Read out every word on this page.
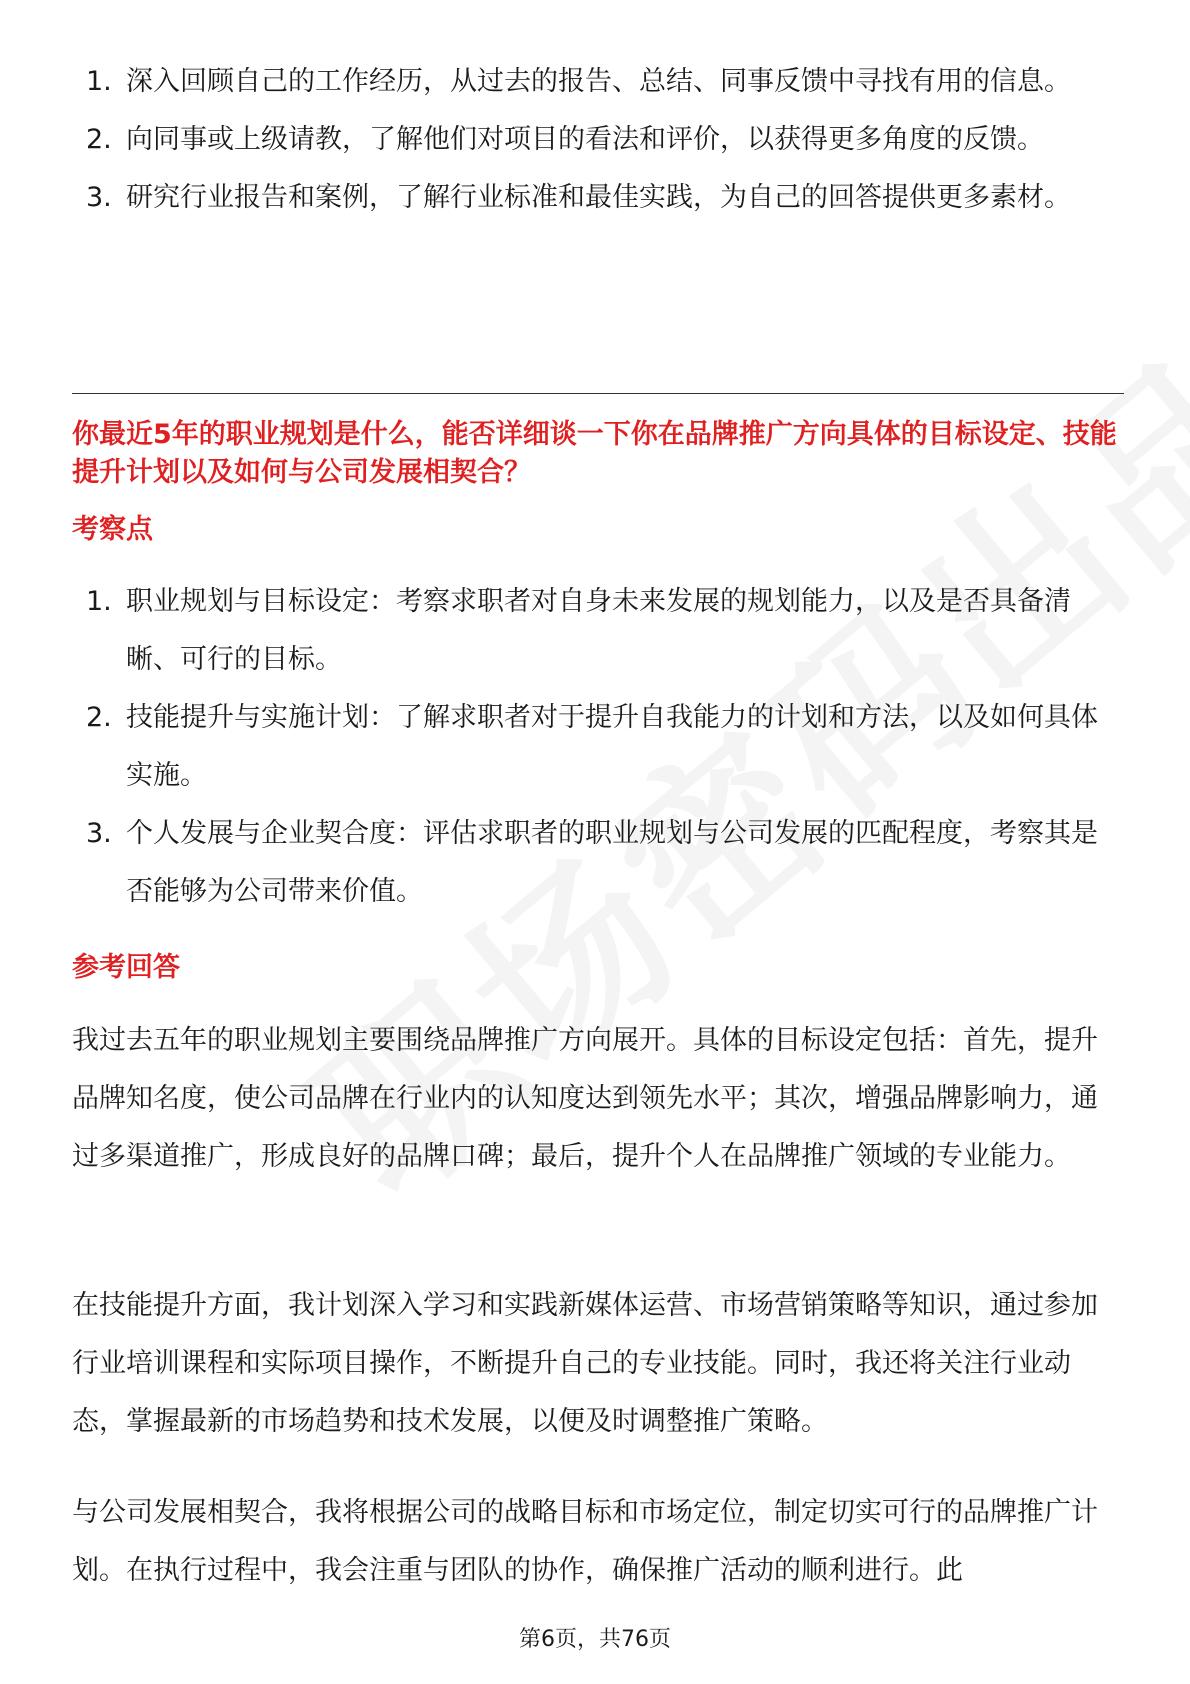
1. 深入回顾自己的工作经历，从过去的报告、总结、同事反馈中寻找有用的信息。
2. 向同事或上级请教，了解他们对项目的看法和评价，以获得更多角度的反馈。
3. 研究行业报告和案例，了解行业标准和最佳实践，为自己的回答提供更多素材。

你最近5年的职业规划是什么，能否详细谈一下你在品牌推广方向具体的目标设定、技能提升计划以及如何与公司发展相契合？

考察点
1. 职业规划与目标设定：考察求职者对自身未来发展的规划能力，以及是否具备清晰、可行的目标。
2. 技能提升与实施计划：了解求职者对于提升自我能力的计划和方法，以及如何具体实施。
3. 个人发展与企业契合度：评估求职者的职业规划与公司发展的匹配程度，考察其是否能够为公司带来价值。
参考回答

我过去五年的职业规划主要围绕品牌推广方向展开。具体的目标设定包括：首先，提升品牌知名度，使公司品牌在行业内的认知度达到领先水平；其次，增强品牌影响力，通过多渠道推广，形成良好的品牌口碑；最后，提升个人在品牌推广领域的专业能力。

在技能提升方面，我计划深入学习和实践新媒体运营、市场营销策略等知识，通过参加行业培训课程和实际项目操作，不断提升自己的专业技能。同时，我还将关注行业动态，掌握最新的市场趋势和技术发展，以便及时调整推广策略。

与公司发展相契合，我将根据公司的战略目标和市场定位，制定切实可行的品牌推广计划。在执行过程中，我会注重与团队的协作，确保推广活动的顺利进行。此

第6页，共76页
